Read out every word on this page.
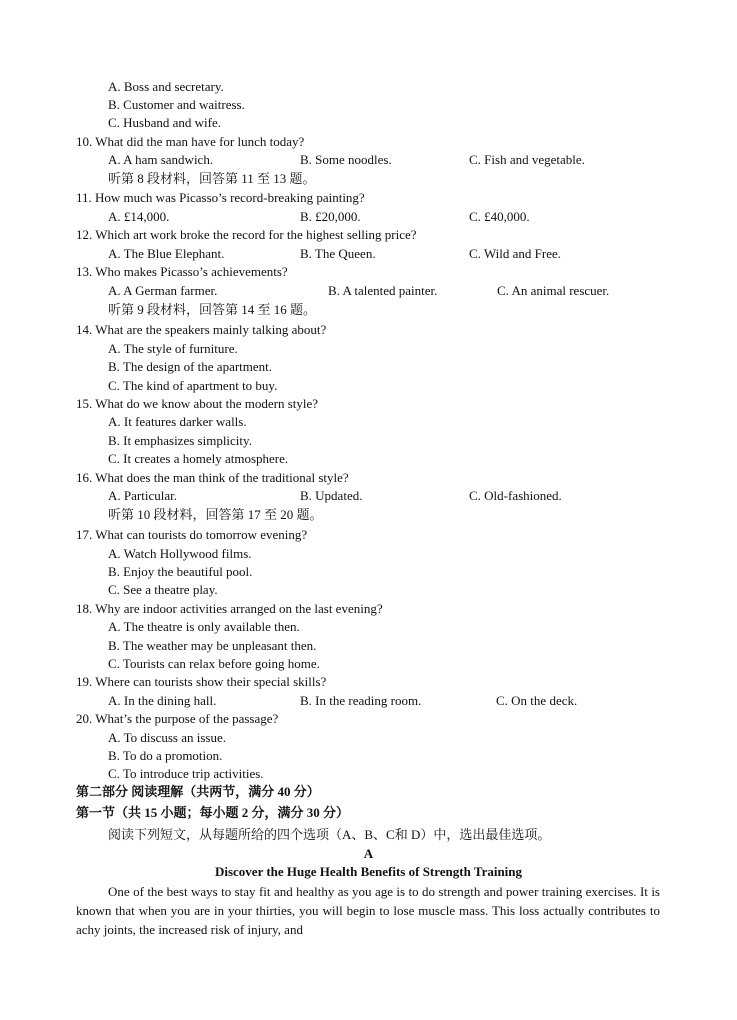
A. Boss and secretary.
B. Customer and waitress.
C. Husband and wife.
10. What did the man have for lunch today?
A. A ham sandwich.	B. Some noodles.	C. Fish and vegetable.
听第 8 段材料，回答第 11 至 13 题。
11. How much was Picasso’s record-breaking painting?
A. £14,000.	B. £20,000.	C. £40,000.
12. Which art work broke the record for the highest selling price?
A. The Blue Elephant.	B. The Queen.	C. Wild and Free.
13. Who makes Picasso’s achievements?
A. A German farmer.	B. A talented painter.	C. An animal rescuer.
听第 9 段材料，回答第 14 至 16 题。
14. What are the speakers mainly talking about?
A. The style of furniture.
B. The design of the apartment.
C. The kind of apartment to buy.
15. What do we know about the modern style?
A. It features darker walls.
B. It emphasizes simplicity.
C. It creates a homely atmosphere.
16. What does the man think of the traditional style?
A. Particular.	B. Updated.	C. Old-fashioned.
听第 10 段材料，回答第 17 至 20 题。
17. What can tourists do tomorrow evening?
A. Watch Hollywood films.
B. Enjoy the beautiful pool.
C. See a theatre play.
18. Why are indoor activities arranged on the last evening?
A. The theatre is only available then.
B. The weather may be unpleasant then.
C. Tourists can relax before going home.
19. Where can tourists show their special skills?
A. In the dining hall.	B. In the reading room.	C. On the deck.
20. What’s the purpose of the passage?
A. To discuss an issue.
B. To do a promotion.
C. To introduce trip activities.
第二部分 阅读理解（共两节，满分 40 分）
第一节（共 15 小题；每小题 2 分，满分 30 分）
阅读下列短文，从每题所给的四个选项（A、B、C和 D）中，选出最佳选项。
A
Discover the Huge Health Benefits of Strength Training
One of the best ways to stay fit and healthy as you age is to do strength and power training exercises. It is known that when you are in your thirties, you will begin to lose muscle mass. This loss actually contributes to achy joints, the increased risk of injury, and
